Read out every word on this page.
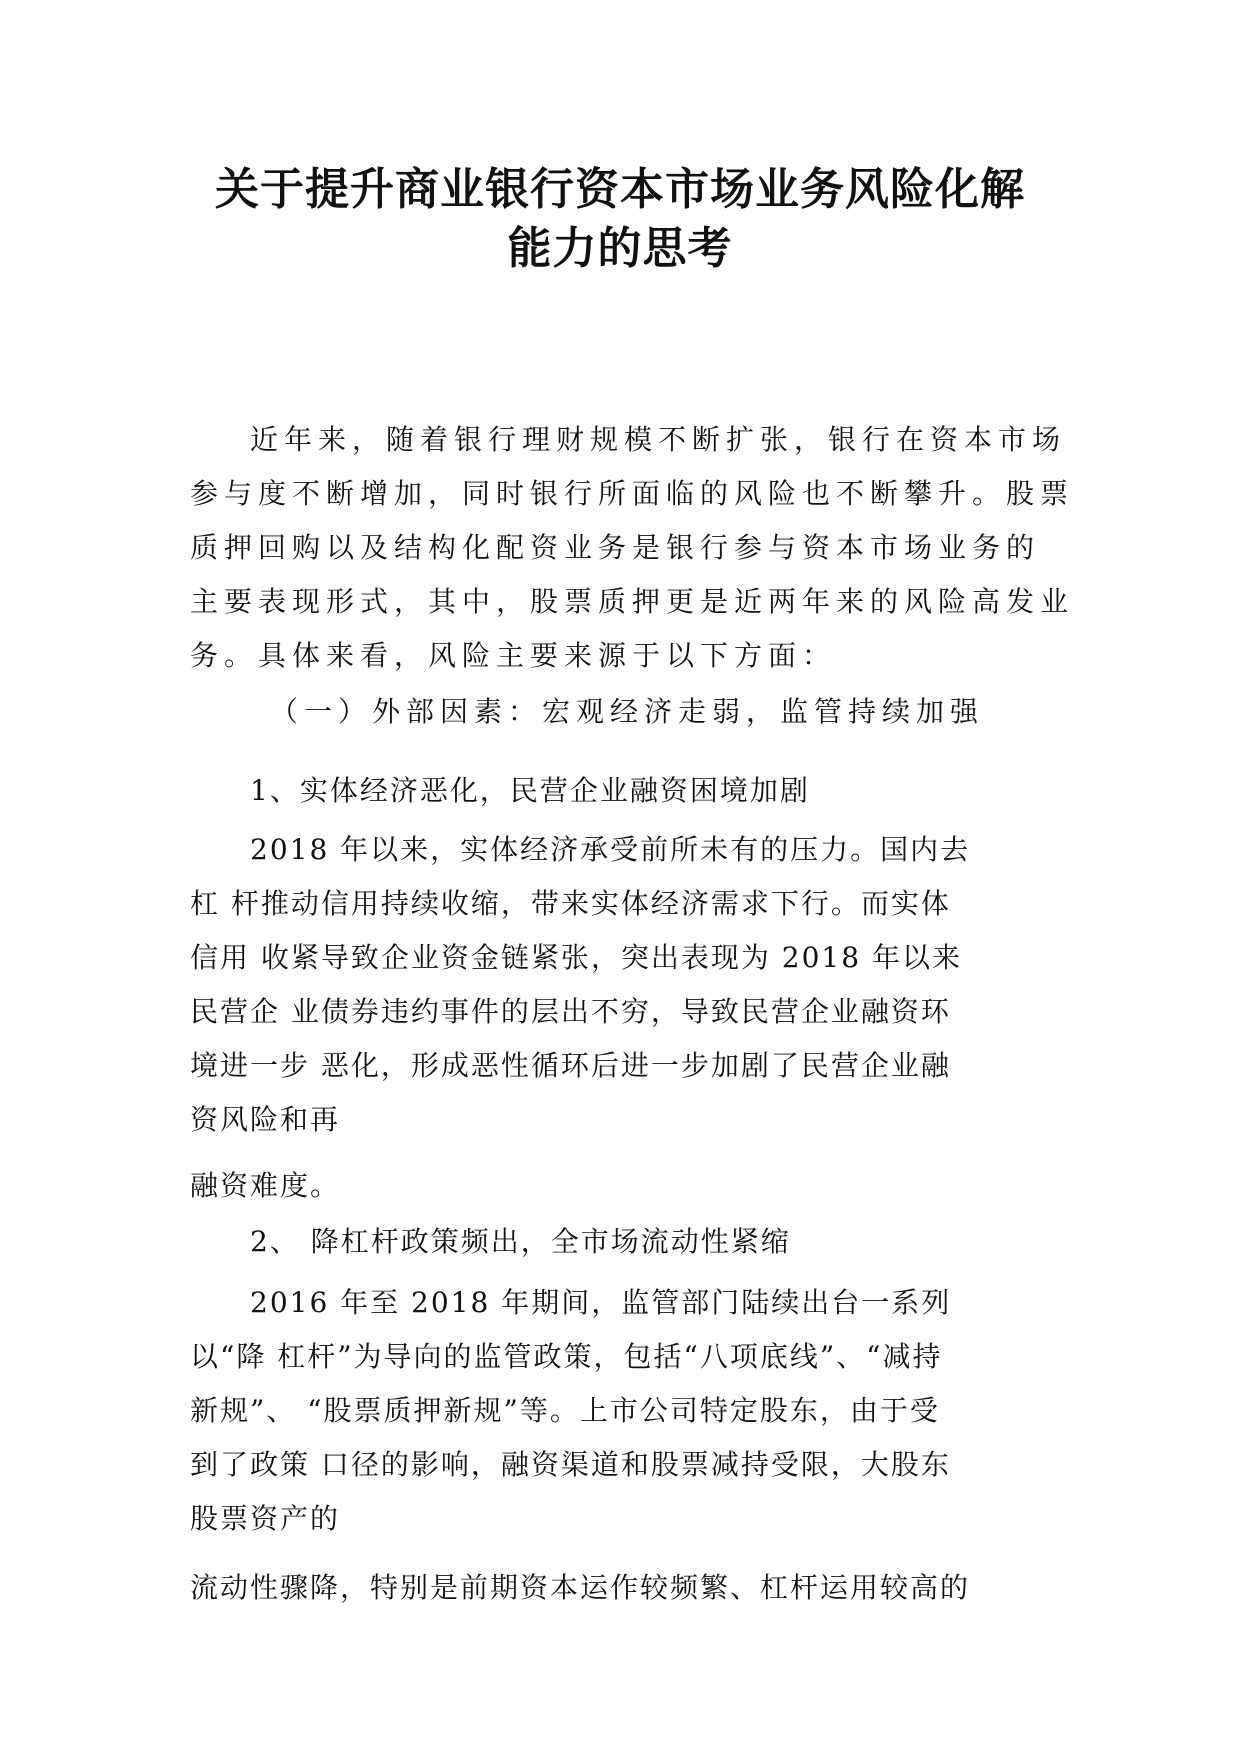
关于提升商业银行资本市场业务风险化解
能力的思考

近年来，随着银行理财规模不断扩张，银行在资本市场

参与度不断增加，同时银行所面临的风险也不断攀升。股票

质押回购以及结构化配资业务是银行参与资本市场业务的

主要表现形式，其中，股票质押更是近两年来的风险高发业

务。具体来看，风险主要来源于以下方面：

（一）外部因素：宏观经济走弱，监管持续加强

1、实体经济恶化，民营企业融资困境加剧

2018 年以来，实体经济承受前所未有的压力。国内去

杠 杆推动信用持续收缩，带来实体经济需求下行。而实体

信用 收紧导致企业资金链紧张，突出表现为 2018 年以来

民营企 业债券违约事件的层出不穷，导致民营企业融资环

境进一步 恶化，形成恶性循环后进一步加剧了民营企业融

资风险和再

融资难度。

2、 降杠杆政策频出，全市场流动性紧缩

2016 年至 2018 年期间，监管部门陆续出台一系列

以“降 杠杆”为导向的监管政策，包括“八项底线”、“减持

新规”、 “股票质押新规”等。上市公司特定股东，由于受

到了政策 口径的影响，融资渠道和股票减持受限，大股东

股票资产的

流动性骤降，特别是前期资本运作较频繁、杠杆运用较高的
